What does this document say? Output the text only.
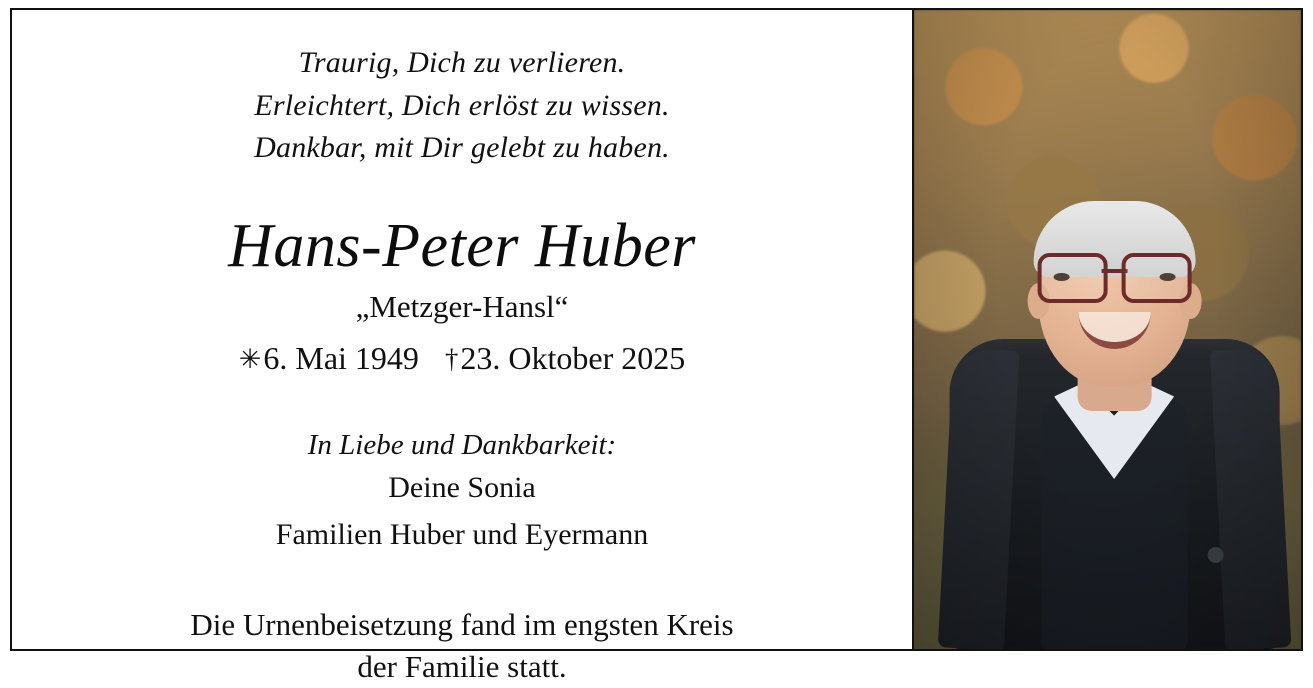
Traurig, Dich zu verlieren.
Erleichtert, Dich erlöst zu wissen.
Dankbar, mit Dir gelebt zu haben.
Hans-Peter Huber
„Metzger-Hansl“
✳6. Mai 1949 †23. Oktober 2025
In Liebe und Dankbarkeit:
Deine Sonia
Familien Huber und Eyermann
Die Urnenbeisetzung fand im engsten Kreis
der Familie statt.
